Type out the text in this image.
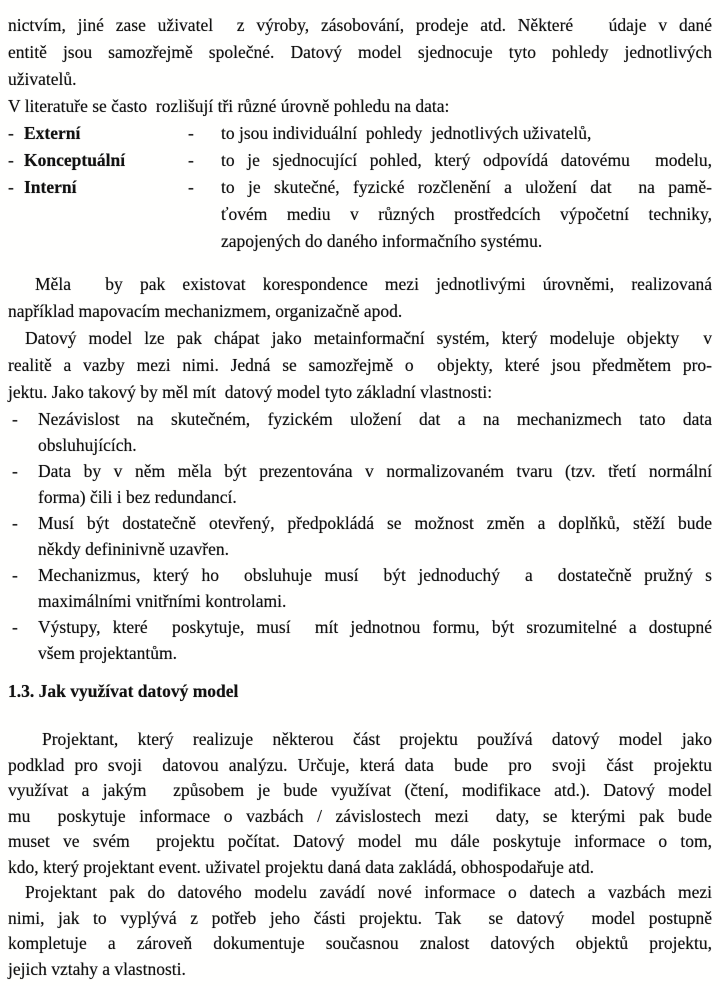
nictvím, jiné zase uživatel  z výroby, zásobování, prodeje atd. Některé   údaje v dané
entitě jsou samozřejmě společné. Datový model sjednocuje tyto pohledy jednotlivých
uživatelů.
V literatuře se často  rozlišují tři různé úrovně pohledu na data:
- Externí	-	to jsou individuální  pohledy  jednotlivých uživatelů,
- Konceptuální	-	to je sjednocující pohled, který odpovídá datovému  modelu,
- Interní	-	to je skutečné, fyzické rozčlenění a uložení dat  na pamě-
ťovém  mediu  v  různých  prostředcích  výpočetní  techniky,
zapojených do daného informačního systému.
Měla  by pak existovat korespondence mezi jednotlivými úrovněmi, realizovaná
například mapovacím mechanizmem, organizačně apod.
Datový model lze pak chápat jako metainformační systém, který modeluje objekty  v
realitě a vazby mezi nimi. Jedná se samozřejmě o  objekty, které jsou předmětem pro-
jektu. Jako takový by měl mít  datový model tyto základní vlastnosti:
-	Nezávislost  na  skutečném,  fyzickém  uložení  dat  a  na  mechanizmech  tato  data
obsluhujících.
-	Data by v něm měla být prezentována v normalizovaném tvaru (tzv. třetí normální
forma) čili i bez redundancí.
-	Musí být dostatečně otevřený, předpokládá se možnost změn a doplňků, stěží bude
někdy defininivně uzavřen.
-	Mechanizmus, který ho  obsluhuje musí  být jednoduchý  a  dostatečně pružný s
maximálními vnitřními kontrolami.
-	Výstupy, které  poskytuje, musí  mít jednotnou formu, být srozumitelné a dostupné
všem projektantům.
1.3. Jak využívat datový model
Projektant, který realizuje některou část projektu používá datový model jako
podklad pro svoji  datovou analýzu. Určuje, která data  bude  pro  svoji  část  projektu
využívat a jakým  způsobem je bude využívat (čtení, modifikace atd.). Datový model
mu  poskytuje informace o vazbách / závislostech mezi  daty, se kterými pak bude
muset ve svém  projektu počítat. Datový model mu dále poskytuje informace o tom,
kdo, který projektant event. uživatel projektu daná data zakládá, obhospodařuje atd.
Projektant pak do datového modelu zavádí nové informace o datech a vazbách mezi
nimi, jak to vyplývá z potřeb jeho části projektu. Tak  se datový  model postupně
kompletuje a zároveň dokumentuje současnou znalost datových objektů projektu,
jejich vztahy a vlastnosti.
